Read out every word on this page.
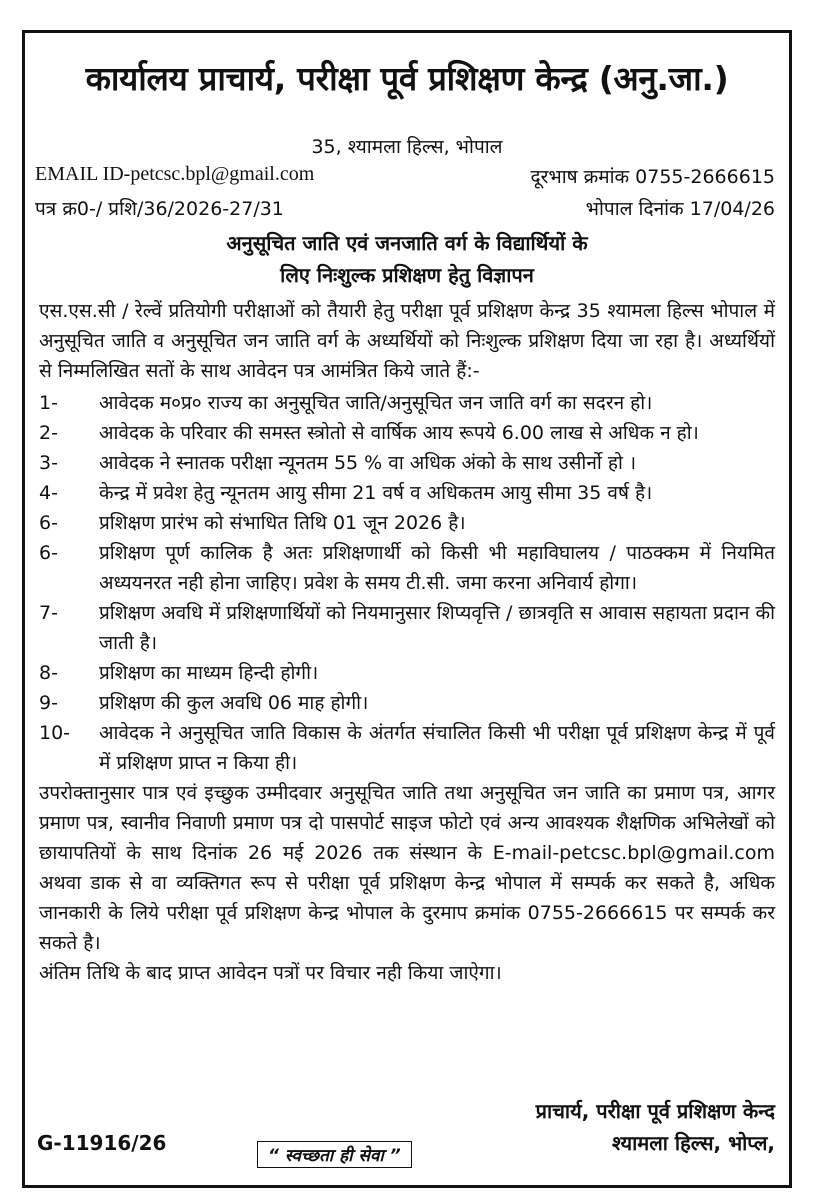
कार्यालय प्राचार्य, परीक्षा पूर्व प्रशिक्षण केन्द्र (अनु.जा.)
35, श्यामला हिल्स, भोपाल
EMAIL ID-petcsc.bpl@gmail.com	दूरभाष क्रमांक 0755-2666615
पत्र क्र0-/ प्रशि/36/2026-27/31	भोपाल दिनांक 17/04/26
अनुसूचित जाति एवं जनजाति वर्ग के विद्यार्थियों के
लिए निःशुल्क प्रशिक्षण हेतु विज्ञापन

एस.एस.सी / रेल्वें प्रतियोगी परीक्षाओं को तैयारी हेतु परीक्षा पूर्व प्रशिक्षण केन्द्र 35 श्यामला हिल्स भोपाल में अनुसूचित जाति व अनुसूचित जन जाति वर्ग के अध्यर्थियों को निःशुल्क प्रशिक्षण दिया जा रहा है। अध्यर्थियों से निम्मलिखित सतों के साथ आवेदन पत्र आमंत्रित किये जाते हैं:-

1-	आवेदक म०प्र० राज्य का अनुसूचित जाति/अनुसूचित जन जाति वर्ग का सदरन हो।
2-	आवेदक के परिवार की समस्त स्त्रोतो से वार्षिक आय रूपये 6.00 लाख से अधिक न हो।
3-	आवेदक ने स्नातक परीक्षा न्यूनतम 55 % वा अधिक अंको के साथ उसीर्नो हो ।
4-	केन्द्र में प्रवेश हेतु न्यूनतम आयु सीमा 21 वर्ष व अधिकतम आयु सीमा 35 वर्ष है।
6-	प्रशिक्षण प्रारंभ को संभाधित तिथि 01 जून 2026 है।
6-	प्रशिक्षण पूर्ण कालिक है अतः प्रशिक्षणार्थी को किसी भी महाविघालय / पाठक्कम में नियमित अध्ययनरत नही होना जाहिए। प्रवेश के समय टी.सी. जमा करना अनिवार्य होगा।
7-	प्रशिक्षण अवधि में प्रशिक्षणार्थियों को नियमानुसार शिप्यवृत्ति / छात्रवृति स आवास सहायता प्रदान की जाती है।
8-	प्रशिक्षण का माध्यम हिन्दी होगी।
9-	प्रशिक्षण की कुल अवधि 06 माह होगी।
10-	आवेदक ने अनुसूचित जाति विकास के अंतर्गत संचालित किसी भी परीक्षा पूर्व प्रशिक्षण केन्द्र में पूर्व में प्रशिक्षण प्राप्त न किया ही।

उपरोक्तानुसार पात्र एवं इच्छुक उम्मीदवार अनुसूचित जाति तथा अनुसूचित जन जाति का प्रमाण पत्र, आगर प्रमाण पत्र, स्वानीव निवाणी प्रमाण पत्र दो पासपोर्ट साइज फोटो एवं अन्य आवश्यक शैक्षणिक अभिलेखों को छायापतियों के साथ दिनांक 26 मई 2026 तक संस्थान के E-mail-petcsc.bpl@gmail.com अथवा डाक से वा व्यक्तिगत रूप से परीक्षा पूर्व प्रशिक्षण केन्द्र भोपाल में सम्पर्क कर सकते है, अधिक जानकारी के लिये परीक्षा पूर्व प्रशिक्षण केन्द्र भोपाल के दुरमाप क्रमांक 0755-2666615 पर सम्पर्क कर सकते है।

अंतिम तिथि के बाद प्राप्त आवेदन पत्रों पर विचार नही किया जाऐगा।

प्राचार्य, परीक्षा पूर्व प्रशिक्षण केन्द
श्यामला हिल्स, भोप्ल,
G-11916/26
“ स्वच्छता ही सेवा ”
